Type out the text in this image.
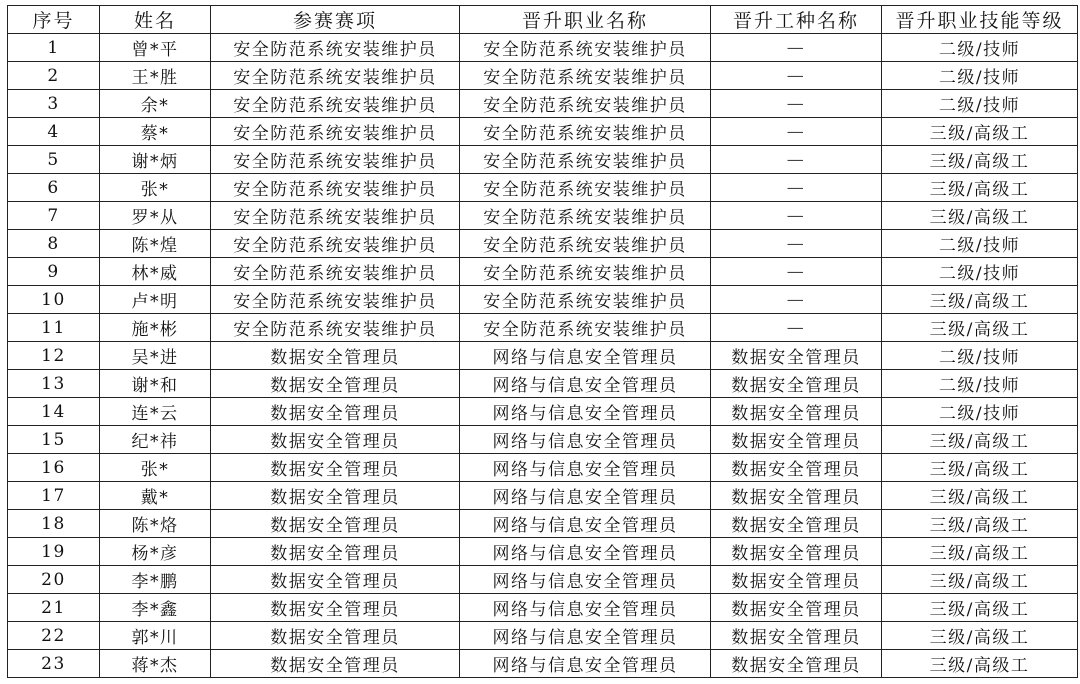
序号	姓名	参赛赛项	晋升职业名称	晋升工种名称	晋升职业技能等级
1	曾*平	安全防范系统安装维护员	安全防范系统安装维护员	—	二级/技师
2	王*胜	安全防范系统安装维护员	安全防范系统安装维护员	—	二级/技师
3	余*	安全防范系统安装维护员	安全防范系统安装维护员	—	二级/技师
4	蔡*	安全防范系统安装维护员	安全防范系统安装维护员	—	三级/高级工
5	谢*炳	安全防范系统安装维护员	安全防范系统安装维护员	—	三级/高级工
6	张*	安全防范系统安装维护员	安全防范系统安装维护员	—	三级/高级工
7	罗*从	安全防范系统安装维护员	安全防范系统安装维护员	—	三级/高级工
8	陈*煌	安全防范系统安装维护员	安全防范系统安装维护员	—	二级/技师
9	林*威	安全防范系统安装维护员	安全防范系统安装维护员	—	二级/技师
10	卢*明	安全防范系统安装维护员	安全防范系统安装维护员	—	三级/高级工
11	施*彬	安全防范系统安装维护员	安全防范系统安装维护员	—	三级/高级工
12	吴*进	数据安全管理员	网络与信息安全管理员	数据安全管理员	二级/技师
13	谢*和	数据安全管理员	网络与信息安全管理员	数据安全管理员	二级/技师
14	连*云	数据安全管理员	网络与信息安全管理员	数据安全管理员	二级/技师
15	纪*祎	数据安全管理员	网络与信息安全管理员	数据安全管理员	三级/高级工
16	张*	数据安全管理员	网络与信息安全管理员	数据安全管理员	三级/高级工
17	戴*	数据安全管理员	网络与信息安全管理员	数据安全管理员	三级/高级工
18	陈*烙	数据安全管理员	网络与信息安全管理员	数据安全管理员	三级/高级工
19	杨*彦	数据安全管理员	网络与信息安全管理员	数据安全管理员	三级/高级工
20	李*鹏	数据安全管理员	网络与信息安全管理员	数据安全管理员	三级/高级工
21	李*鑫	数据安全管理员	网络与信息安全管理员	数据安全管理员	三级/高级工
22	郭*川	数据安全管理员	网络与信息安全管理员	数据安全管理员	三级/高级工
23	蒋*杰	数据安全管理员	网络与信息安全管理员	数据安全管理员	三级/高级工
